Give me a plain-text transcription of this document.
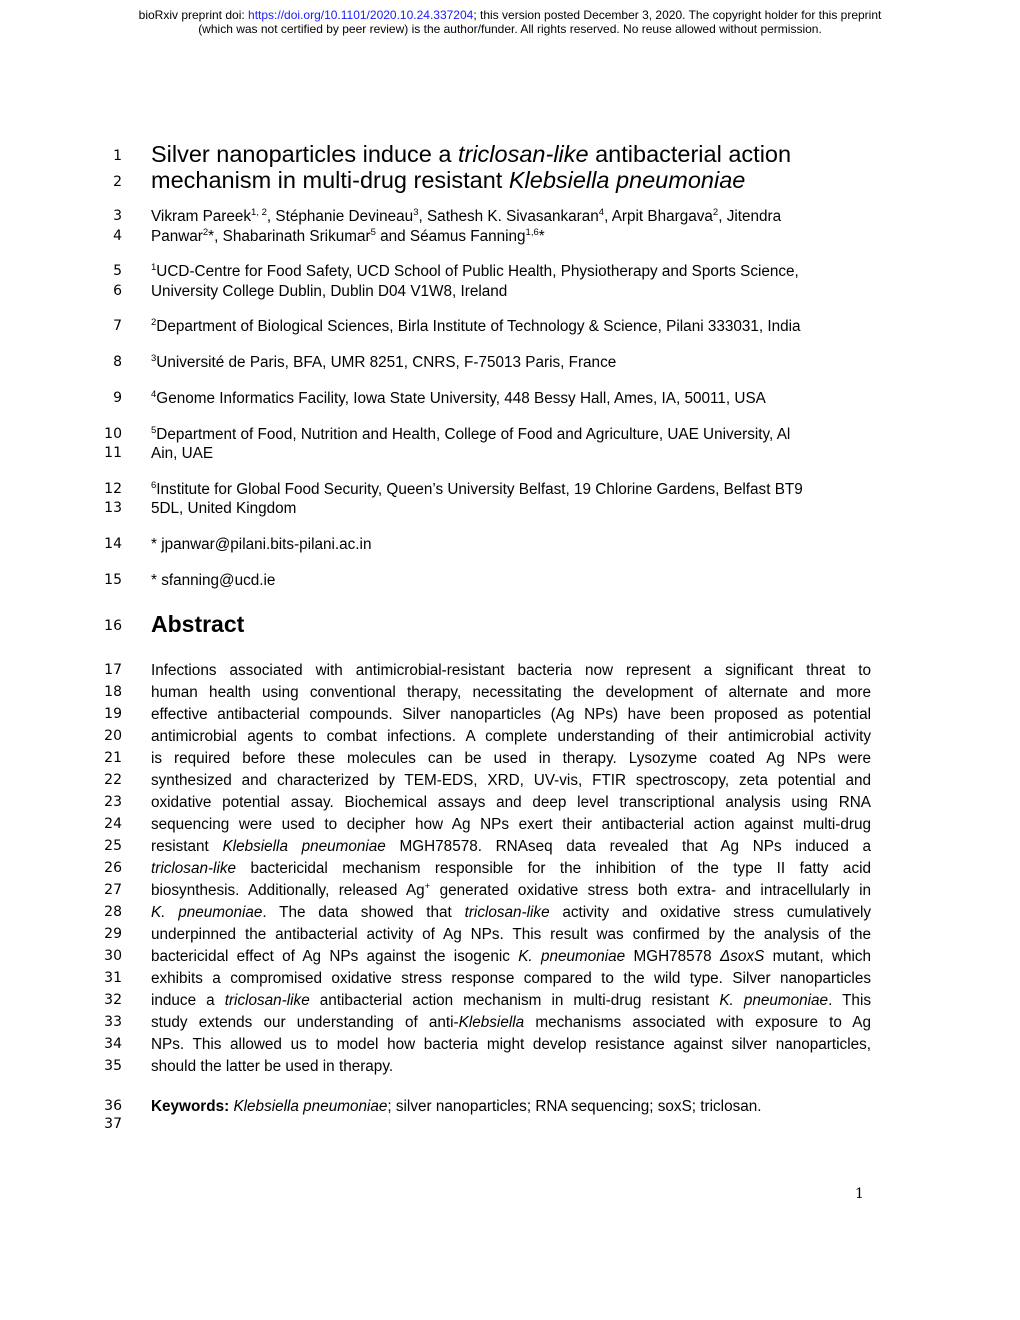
bioRxiv preprint doi: https://doi.org/10.1101/2020.10.24.337204; this version posted December 3, 2020. The copyright holder for this preprint
(which was not certified by peer review) is the author/funder. All rights reserved. No reuse allowed without permission.
1 Silver nanoparticles induce a triclosan-like antibacterial action
2 mechanism in multi-drug resistant Klebsiella pneumoniae
3 Vikram Pareek$^{1, 2}$, Stéphanie Devineau$^3$, Sathesh K. Sivasankaran$^4$, Arpit Bhargava$^2$, Jitendra
4 Panwar$^2$*, Shabarinath Srikumar$^5$ and Séamus Fanning$^{1,6}$*
5	$^1$UCD-Centre for Food Safety, UCD School of Public Health, Physiotherapy and Sports Science,
6 University College Dublin, Dublin D04 V1W8, Ireland
7	$^2$Department of Biological Sciences, Birla Institute of Technology & Science, Pilani 333031, India
8	$^3$Université de Paris, BFA, UMR 8251, CNRS, F-75013 Paris, France
9	$^4$Genome Informatics Facility, Iowa State University, 448 Bessy Hall, Ames, IA, 50011, USA
10	$^5$Department of Food, Nutrition and Health, College of Food and Agriculture, UAE University, Al
11 Ain, UAE
12	$^6$Institute for Global Food Security, Queen’s University Belfast, 19 Chlorine Gardens, Belfast BT9
13 5DL, United Kingdom
14 * jpanwar@pilani.bits-pilani.ac.in
15 * sfanning@ucd.ie
16 Abstract
17 Infections associated with antimicrobial-resistant bacteria now represent a significant threat to
18 human health using conventional therapy, necessitating the development of alternate and more
19 effective antibacterial compounds. Silver nanoparticles (Ag NPs) have been proposed as potential
20 antimicrobial agents to combat infections. A complete understanding of their antimicrobial activity
21 is required before these molecules can be used in therapy. Lysozyme coated Ag NPs were
22 synthesized and characterized by TEM-EDS, XRD, UV-vis, FTIR spectroscopy, zeta potential and
23 oxidative potential assay. Biochemical assays and deep level transcriptional analysis using RNA
24 sequencing were used to decipher how Ag NPs exert their antibacterial action against multi-drug
25 resistant Klebsiella pneumoniae MGH78578. RNAseq data revealed that Ag NPs induced a
26 triclosan-like bactericidal mechanism responsible for the inhibition of the type II fatty acid
27 biosynthesis. Additionally, released Ag+ generated oxidative stress both extra- and intracellularly in
28 K. pneumoniae. The data showed that triclosan-like activity and oxidative stress cumulatively
29 underpinned the antibacterial activity of Ag NPs. This result was confirmed by the analysis of the
30 bactericidal effect of Ag NPs against the isogenic K. pneumoniae MGH78578 ΔsoxS mutant, which
31 exhibits a compromised oxidative stress response compared to the wild type. Silver nanoparticles
32 induce a triclosan-like antibacterial action mechanism in multi-drug resistant K. pneumoniae. This
33 study extends our understanding of anti-Klebsiella mechanisms associated with exposure to Ag
34 NPs. This allowed us to model how bacteria might develop resistance against silver nanoparticles,
35 should the latter be used in therapy.
36 Keywords: Klebsiella pneumoniae; silver nanoparticles; RNA sequencing; soxS; triclosan.
37
1
